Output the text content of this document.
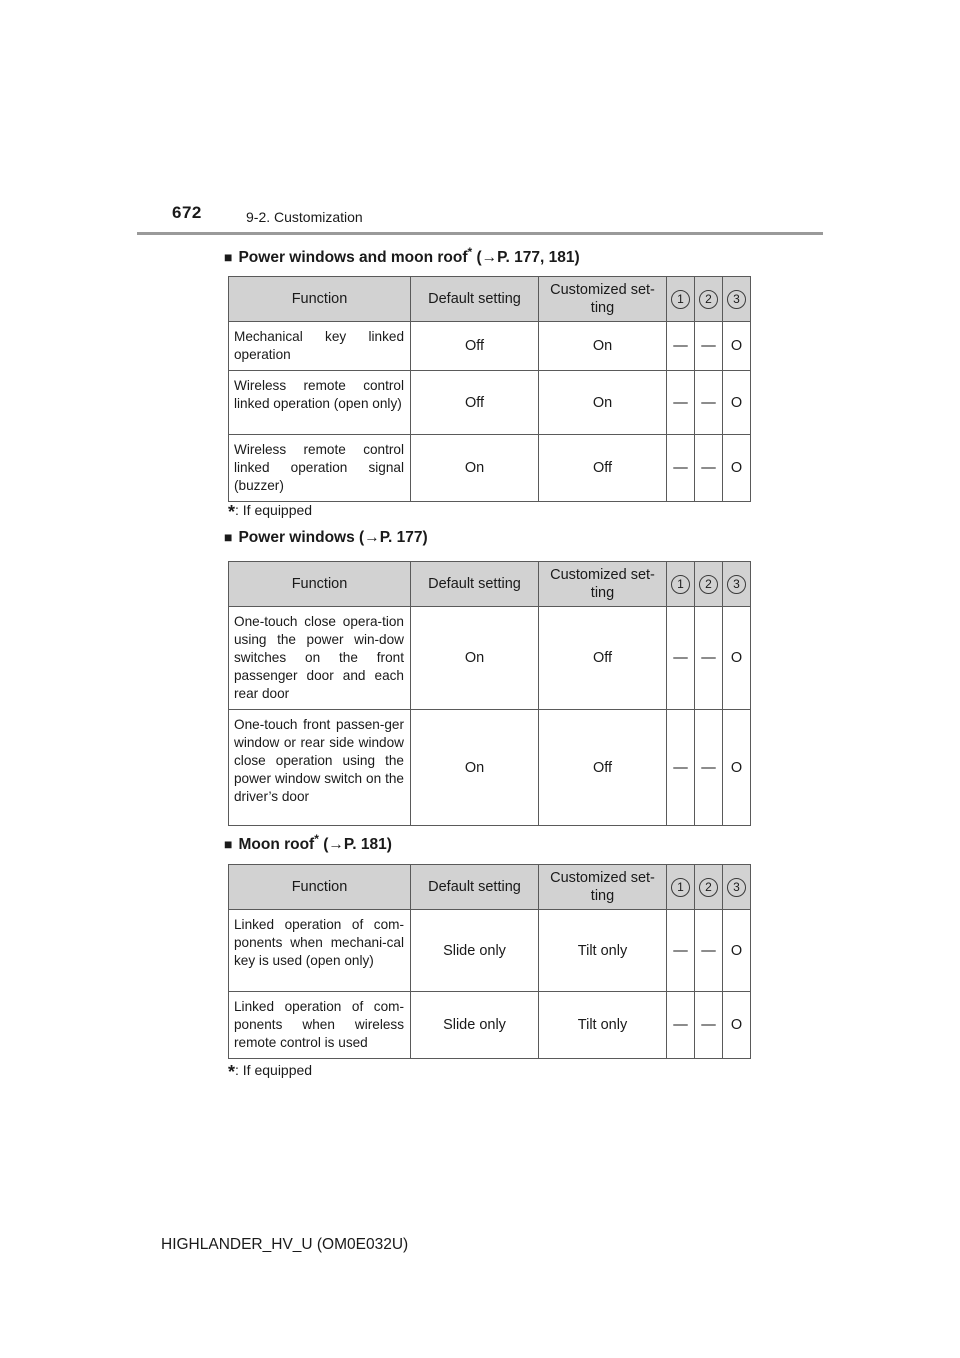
672	9-2. Customization
■ Power windows and moon roof* (→P. 177, 181)
Function	Default setting	Customized set-ting	1	2	3
Mechanical key linked operation	Off	On	—	—	O
Wireless remote control linked operation (open only)	Off	On	—	—	O
Wireless remote control linked operation signal (buzzer)	On	Off	—	—	O
*: If equipped
■ Power windows (→P. 177)
Function	Default setting	Customized set-ting	1	2	3
One-touch close opera-tion using the power win-dow switches on the front passenger door and each rear door	On	Off	—	—	O
One-touch front passen-ger window or rear side window close operation using the power window switch on the driver’s door	On	Off	—	—	O
■ Moon roof* (→P. 181)
Function	Default setting	Customized set-ting	1	2	3
Linked operation of com-ponents when mechani-cal key is used (open only)	Slide only	Tilt only	—	—	O
Linked operation of com-ponents when wireless remote control is used	Slide only	Tilt only	—	—	O
*: If equipped
HIGHLANDER_HV_U (OM0E032U)
